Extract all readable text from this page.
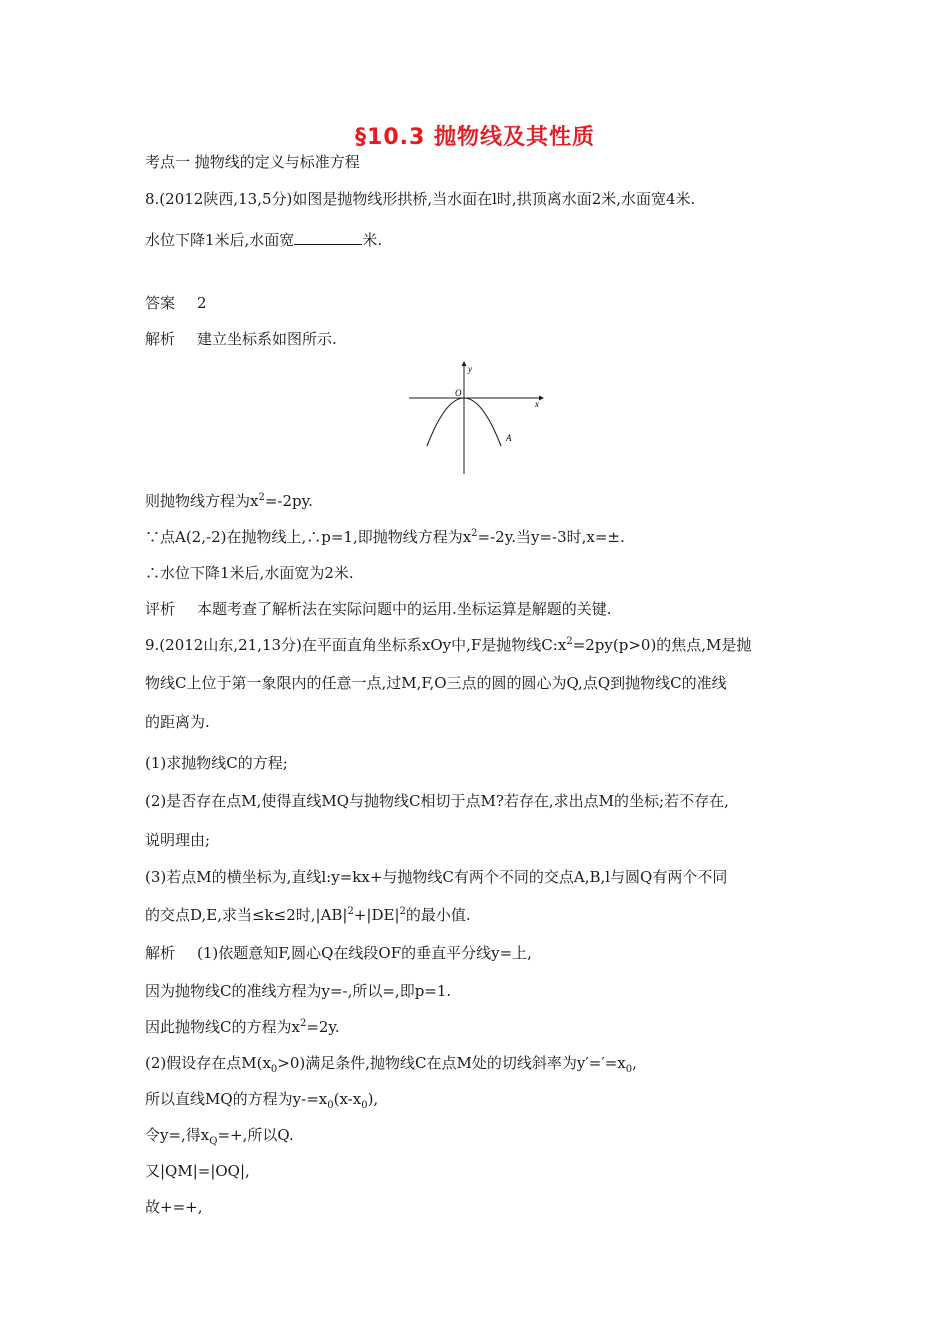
§10.3 抛物线及其性质
考点一 抛物线的定义与标准方程
8.(2012陕西,13,5分)如图是抛物线形拱桥,当水面在l时,拱顶离水面2米,水面宽4米.
水位下降1米后,水面宽	米.
答案 2
解析 建立坐标系如图所示.
y
O
x
A
则抛物线方程为$x^2=-2py$.
∵点A(2,-2)在抛物线上,∴p=1,即抛物线方程为$x^2=-2y$.当y=-3时,x=±.
∴水位下降1米后,水面宽为2米.
评析 本题考查了解析法在实际问题中的运用.坐标运算是解题的关键.
9.(2012山东,21,13分)在平面直角坐标系xOy中,F是抛物线$C:x^2=2py(p>0)$的焦点,M是抛
物线C上位于第一象限内的任意一点,过M,F,O三点的圆的圆心为Q,点Q到抛物线C的准线
的距离为.
(1)求抛物线C的方程;
(2)是否存在点M,使得直线MQ与抛物线C相切于点M?若存在,求出点M的坐标;若不存在,
说明理由;
(3)若点M的横坐标为,直线l:y=kx+与抛物线C有两个不同的交点A,B,l与圆Q有两个不同
的交点D,E,求当≤k≤2时$,|AB|^2+|DE|^2$的最小值.
解析 (1)依题意知F,圆心Q在线段OF的垂直平分线y=上,
因为抛物线C的准线方程为y=-,所以=,即p=1.
因此抛物线C的方程为$x^2=2y$.
(2)假设存在点$M(x_0>0)$满足条件,抛物线C在点M处的切线斜率为$y'='=x_0$,
所以直线MQ的方程为$y-=x_0(x-x_0)$,
令y=,得$x_Q=+$,所以Q.
又|QM|=|OQ|,
故+=+,
